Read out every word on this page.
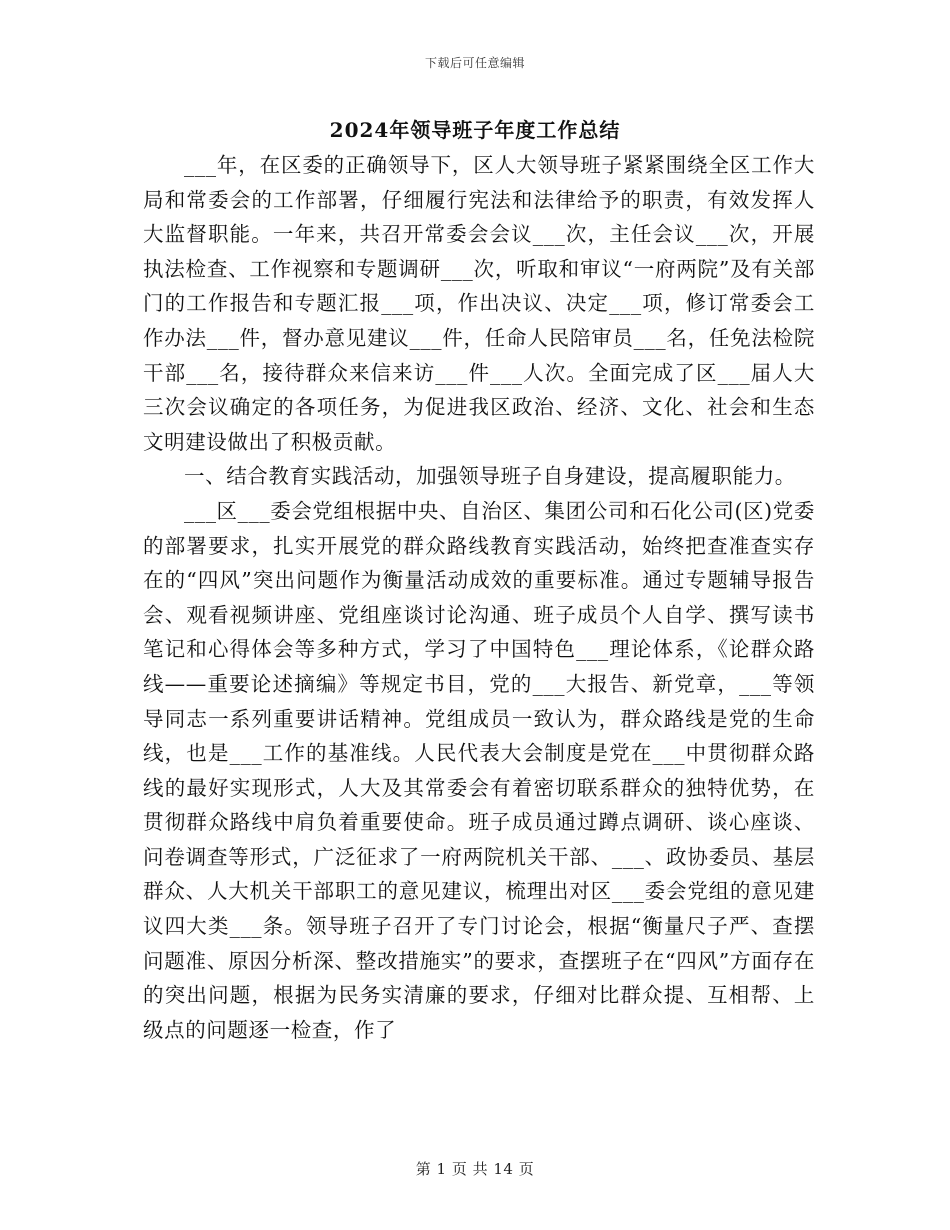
下载后可任意编辑
2024年领导班子年度工作总结

___年，在区委的正确领导下，区人大领导班子紧紧围绕全区工作大局和常委会的工作部署，仔细履行宪法和法律给予的职责，有效发挥人大监督职能。一年来，共召开常委会会议___次，主任会议___次，开展执法检查、工作视察和专题调研___次，听取和审议“一府两院”及有关部门的工作报告和专题汇报___项，作出决议、决定___项，修订常委会工作办法___件，督办意见建议___件，任命人民陪审员___名，任免法检院干部___名，接待群众来信来访___件___人次。全面完成了区___届人大三次会议确定的各项任务，为促进我区政治、经济、文化、社会和生态文明建设做出了积极贡献。

一、结合教育实践活动，加强领导班子自身建设，提高履职能力。

___区___委会党组根据中央、自治区、集团公司和石化公司(区)党委的部署要求，扎实开展党的群众路线教育实践活动，始终把查准查实存在的“四风”突出问题作为衡量活动成效的重要标准。通过专题辅导报告会、观看视频讲座、党组座谈讨论沟通、班子成员个人自学、撰写读书笔记和心得体会等多种方式，学习了中国特色___理论体系，《论群众路线——重要论述摘编》等规定书目，党的___大报告、新党章，___等领导同志一系列重要讲话精神。党组成员一致认为，群众路线是党的生命线，也是___工作的基准线。人民代表大会制度是党在___中贯彻群众路线的最好实现形式，人大及其常委会有着密切联系群众的独特优势，在贯彻群众路线中肩负着重要使命。班子成员通过蹲点调研、谈心座谈、问卷调查等形式，广泛征求了一府两院机关干部、___、政协委员、基层群众、人大机关干部职工的意见建议，梳理出对区___委会党组的意见建议四大类___条。领导班子召开了专门讨论会，根据“衡量尺子严、查摆问题准、原因分析深、整改措施实”的要求，查摆班子在“四风”方面存在的突出问题，根据为民务实清廉的要求，仔细对比群众提、互相帮、上级点的问题逐一检查，作了

第 1 页 共 14 页
